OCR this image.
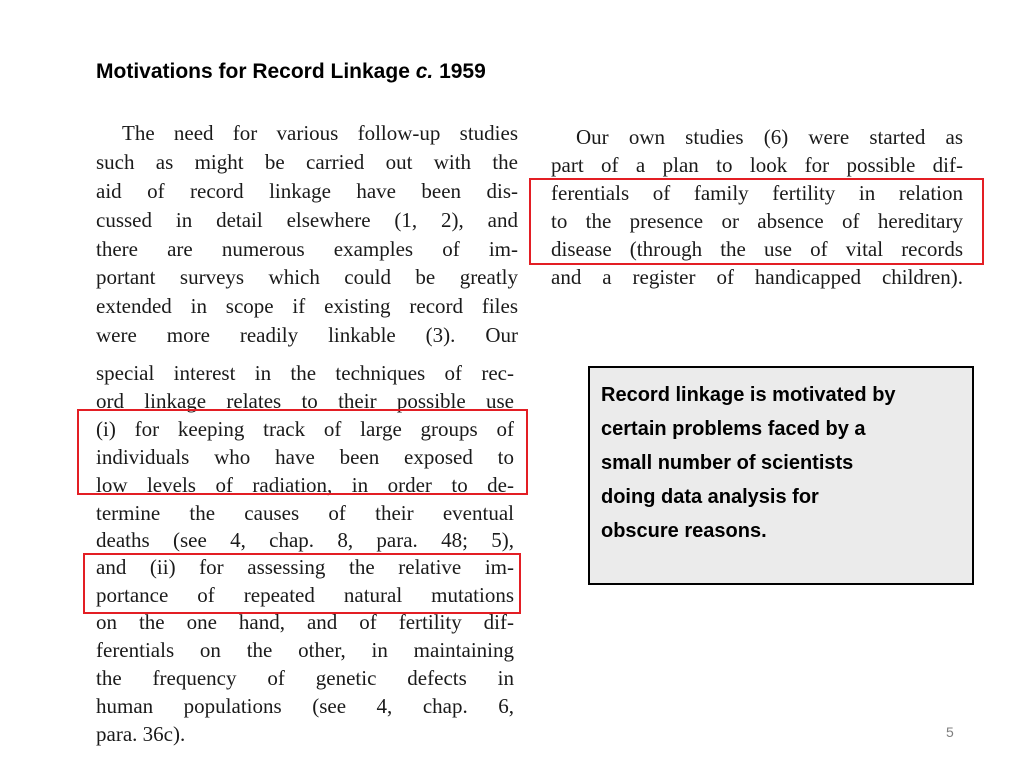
Motivations for Record Linkage c. 1959
The need for various follow-up studies
such as might be carried out with the
aid of record linkage have been dis-
cussed in detail elsewhere (1, 2), and
there are numerous examples of im-
portant surveys which could be greatly
extended in scope if existing record files
were more readily linkable (3). Our
special interest in the techniques of rec-
ord linkage relates to their possible use
(i) for keeping track of large groups of
individuals who have been exposed to
low levels of radiation, in order to de-
termine the causes of their eventual
deaths (see 4, chap. 8, para. 48; 5),
and (ii) for assessing the relative im-
portance of repeated natural mutations
on the one hand, and of fertility dif-
ferentials on the other, in maintaining
the frequency of genetic defects in
human populations (see 4, chap. 6,
para. 36c).
Our own studies (6) were started as
part of a plan to look for possible dif-
ferentials of family fertility in relation
to the presence or absence of hereditary
disease (through the use of vital records
and a register of handicapped children).
Record linkage is motivated by
certain problems faced by a
small number of scientists
doing data analysis for
obscure reasons.
5
